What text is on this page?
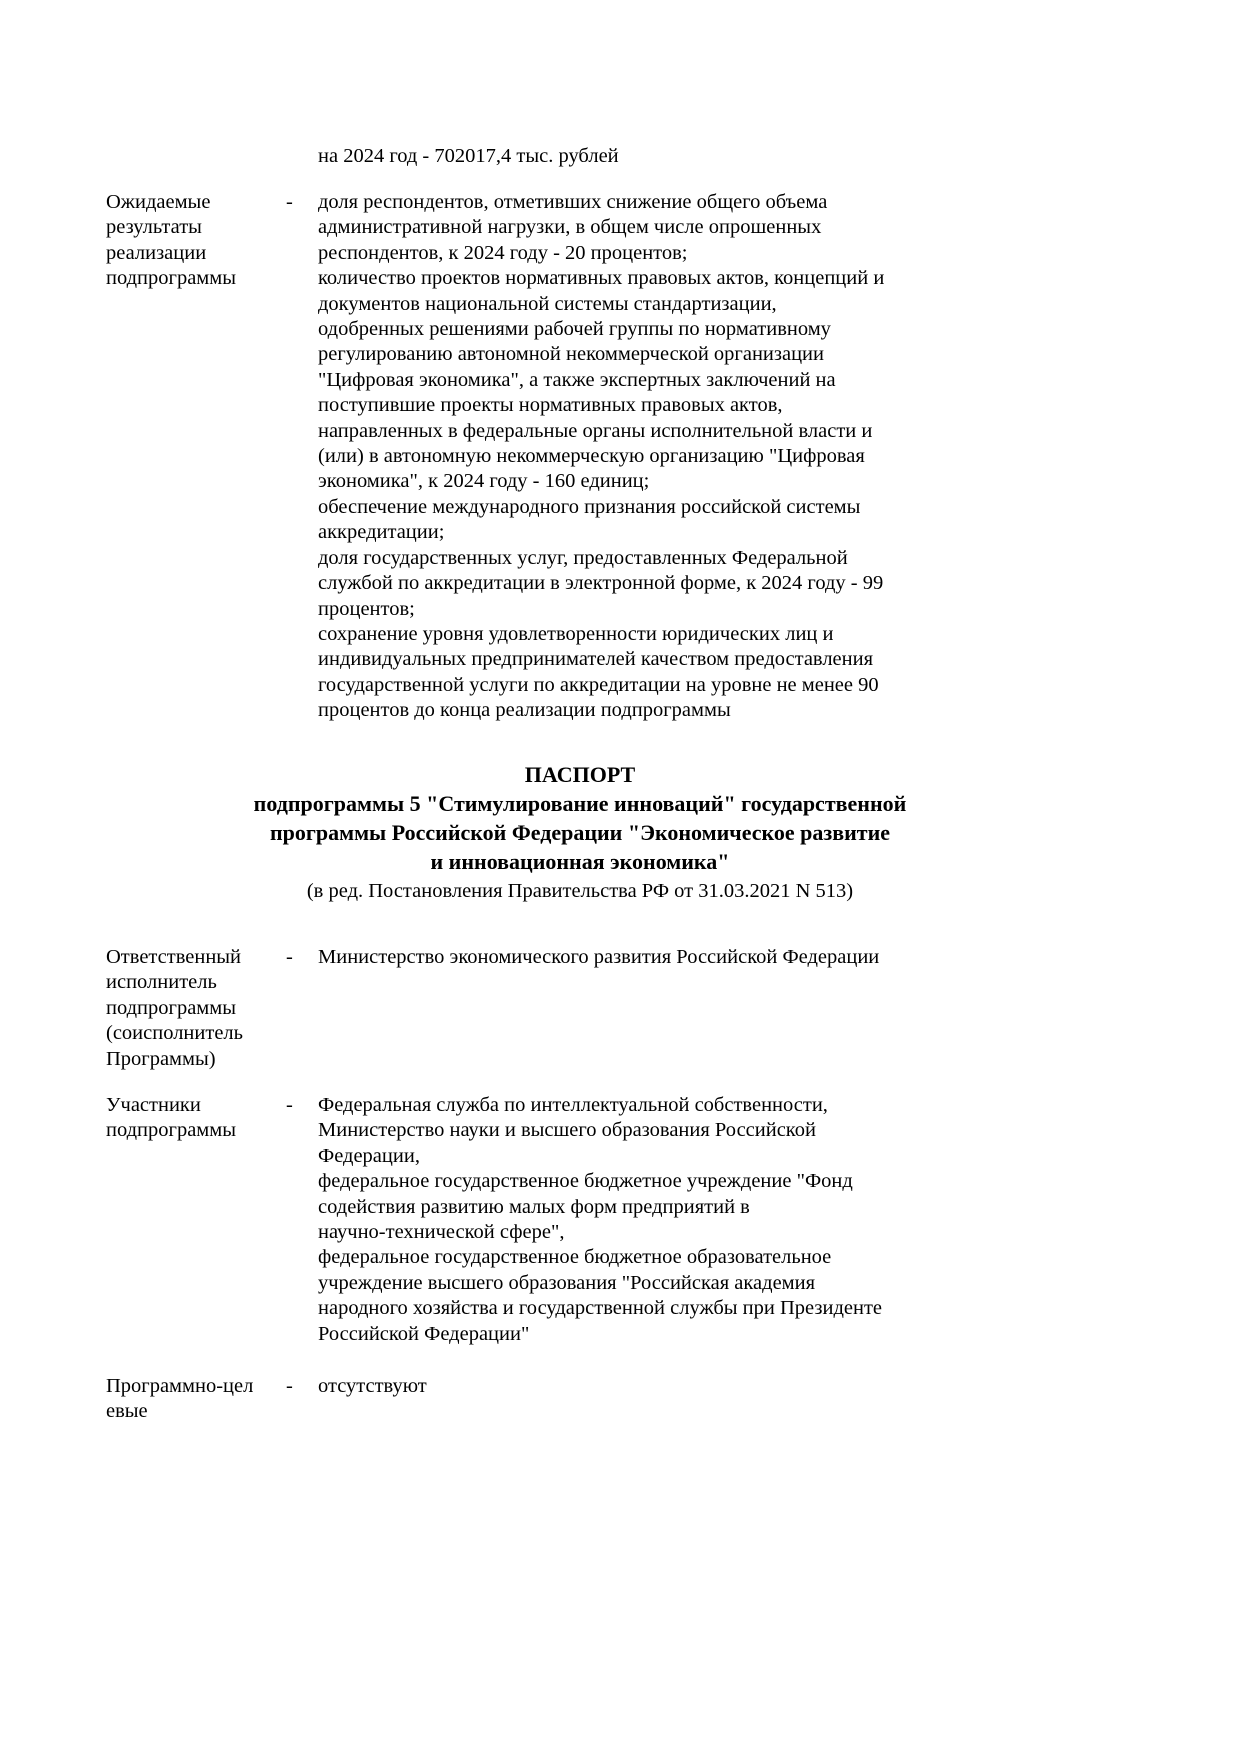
на 2024 год - 702017,4 тыс. рублей
Ожидаемые
результаты
реализации
подпрограммы
- доля респондентов, отметивших снижение общего объема
административной нагрузки, в общем числе опрошенных
респондентов, к 2024 году - 20 процентов;
количество проектов нормативных правовых актов, концепций и
документов национальной системы стандартизации,
одобренных решениями рабочей группы по нормативному
регулированию автономной некоммерческой организации
"Цифровая экономика", а также экспертных заключений на
поступившие проекты нормативных правовых актов,
направленных в федеральные органы исполнительной власти и
(или) в автономную некоммерческую организацию "Цифровая
экономика", к 2024 году - 160 единиц;
обеспечение международного признания российской системы
аккредитации;
доля государственных услуг, предоставленных Федеральной
службой по аккредитации в электронной форме, к 2024 году - 99
процентов;
сохранение уровня удовлетворенности юридических лиц и
индивидуальных предпринимателей качеством предоставления
государственной услуги по аккредитации на уровне не менее 90
процентов до конца реализации подпрограммы
ПАСПОРТ
подпрограммы 5 "Стимулирование инноваций" государственной
программы Российской Федерации "Экономическое развитие
и инновационная экономика"
(в ред. Постановления Правительства РФ от 31.03.2021 N 513)
Ответственный
исполнитель
подпрограммы
(соисполнитель
Программы)
- Министерство экономического развития Российской Федерации
Участники
подпрограммы
- Федеральная служба по интеллектуальной собственности,
Министерство науки и высшего образования Российской
Федерации,
федеральное государственное бюджетное учреждение "Фонд
содействия развитию малых форм предприятий в
научно-технической сфере",
федеральное государственное бюджетное образовательное
учреждение высшего образования "Российская академия
народного хозяйства и государственной службы при Президенте
Российской Федерации"
Программно-цел
евые
- отсутствуют
